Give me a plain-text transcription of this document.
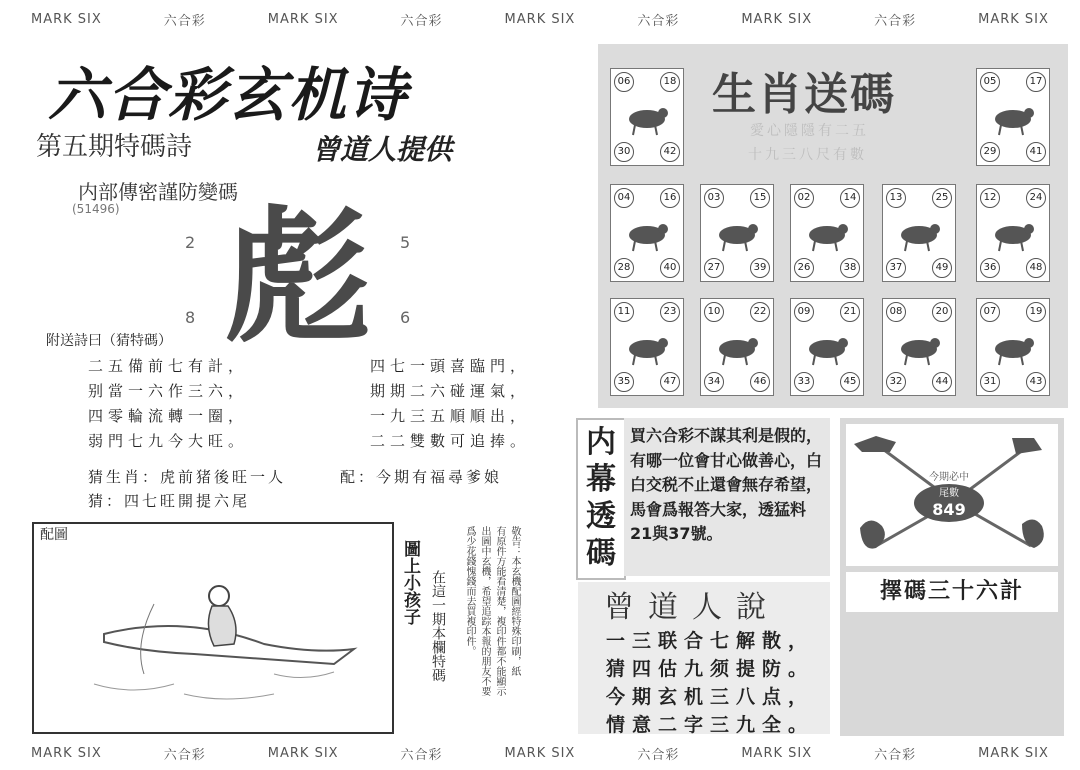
MARK SIX	六合彩	MARK SIX	六合彩	MARK SIX	六合彩	MARK SIX	六合彩	MARK SIX
六合彩玄机诗
第五期特碼詩	曾道人提供
内部傳密謹防變碼
(51496)
2	5
8	6
彪
附送詩曰（猜特碼）
二五備前七有計，
别當一六作三六，
四零輪流轉一圈，
弱門七九今大旺。
四七一頭喜臨門，
期期二六碰運氣，
一九三五順順出，
二二雙數可追捧。
猜生肖：虎前猪後旺一人	配：今期有福尋爹娘
猜：四七旺開提六尾
配圖
圖上小孩子 在這一期本欄特碼	敬告：本玄機配圖經特殊印刷，紙
有原件方能看清楚，複印件都不能顯示
出圖中玄機，希望追踪本報的朋友不要
爲少花錢愧錢而去買複印件。
生肖送碼
愛心隱隱有二五
十九三八尺有數
06	18
30	42
05	17
29	41
04	16
28	40
03	15
27	39
02	14
26	38
13	25
37	49
12	24
36	48
11	23
35	47
10	22
34	46
09	21
33	45
08	20
32	44
07	19
31	43
内幕透碼
買六合彩不謀其利是假的，有哪一位會甘心做善心，白白交税不止還會無存希望，馬會爲報答大家，透猛料21與37號。
曾道人說
一三联合七解散，
猜四估九须提防。
今期玄机三八点，
情意二字三九全。
今期必中
尾數
849
擇碼三十六計
MARK SIX	六合彩	MARK SIX	六合彩	MARK SIX	六合彩	MARK SIX	六合彩	MARK SIX
